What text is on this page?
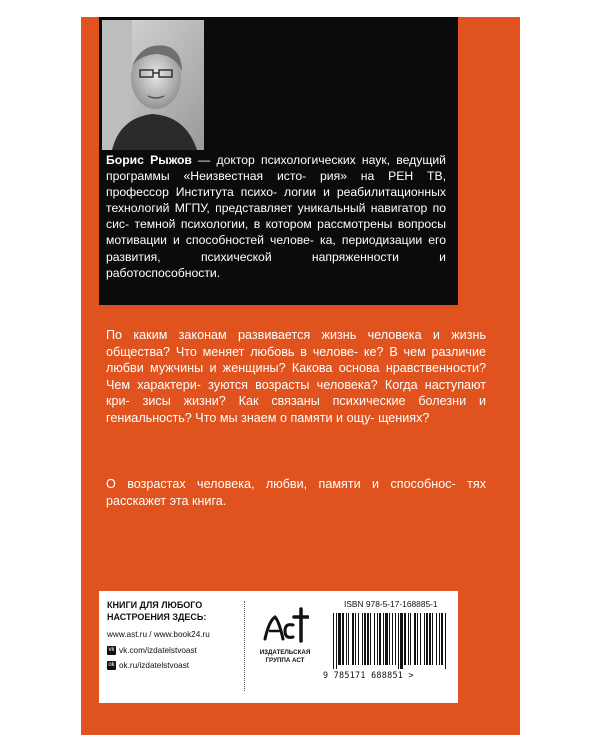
Борис Рыжов — доктор психологических наук, ведущий программы «Неизвестная исто- рия» на РЕН ТВ, профессор Института психо- логии и реабилитационных технологий МГПУ, представляет уникальный навигатор по сис- темной психологии, в котором рассмотрены вопросы мотивации и способностей челове- ка, периодизации его развития, психической	напряженности и работоспособности.

По каким законам развивается жизнь человека и жизнь общества? Что меняет любовь в челове- ке? В чем различие любви мужчины и женщины? Какова основа нравственности? Чем характери- зуются возрасты человека? Когда наступают кри- зисы жизни? Как связаны психические болезни и гениальность? Что мы знаем о памяти и ощу- щениях?

О возрастах человека, любви, памяти и способнос- тях расскажет эта книга.

КНИГИ ДЛЯ ЛЮБОГО
НАСТРОЕНИЯ ЗДЕСЬ:

www.ast.ru / www.book24.ru

vk vk.com/izdatelstvoast

ok ok.ru/izdatelstvoast

ИЗДАТЕЛЬСКАЯ
ГРУППА АСТ

ISBN 978-5-17-168885-1

9 785171 688851 >
